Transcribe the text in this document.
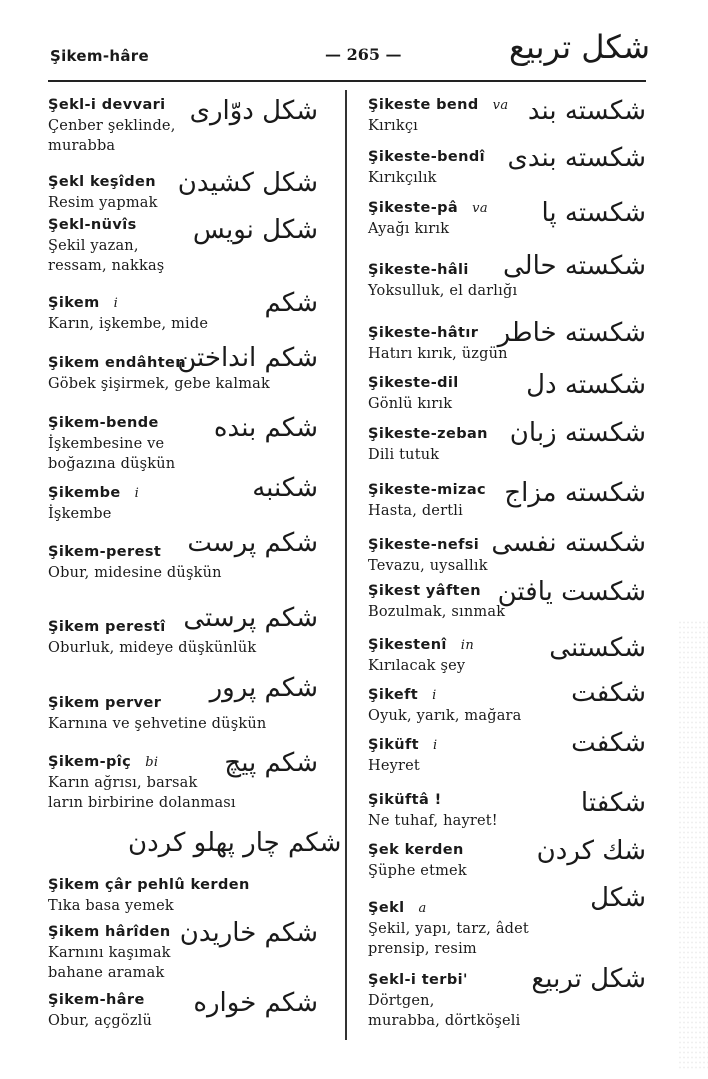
Şikem-hâre	— 265 —	شكل تربيع
Şekl-i devvari
Çenber şeklinde,
murabba
شكل دوّارى
Şekl keşîden
Resim yapmak
شكل كشيدن
Şekl-nüvîs
Şekil yazan,
ressam, nakkaş
شكل نويس
Şikem i
Karın, işkembe, mide
شكم
Şikem endâhten
Göbek şişirmek, gebe kalmak
شكم انداختن
Şikem-bende
İşkembesine ve
boğazına düşkün
شكم بنده
Şikembe i
İşkembe
شكنبه
Şikem-perest
Obur, midesine düşkün
شكم پرست
Şikem perestî
Oburluk, mideye düşkünlük
شكم پرستى
Şikem perver
Karnına ve şehvetine düşkün
شكم پرور
Şikem-pîç bi
Karın ağrısı, barsak
ların birbirine dolanması
شكم پيچ
شكم چار پهلو كردن
Şikem çâr pehlû kerden
Tıka basa yemek
Şikem hârîden
Karnını kaşımak
bahane aramak
شكم خاريدن
Şikem-hâre
Obur, açgözlü
شكم خواره
Şikeste bend va
Kırıkçı	شكسته بند
Şikeste-bendî
Kırıkçılık
شكسته بندى
Şikeste-pâ va
Ayağı kırık
شكسته پا
Şikeste-hâli
Yoksulluk, el darlığı
شكسته حالى
Şikeste-hâtır
Hatırı kırık, üzgün
شكسته خاطر
Şikeste-dil
Gönlü kırık
شكسته دل
Şikeste-zeban
Dili tutuk
شكسته زبان
Şikeste-mizac
Hasta, dertli
شكسته مزاج
Şikeste-nefsi
Tevazu, uysallık
شكسته نفسى
Şikest yâften
Bozulmak, sınmak
شكست يافتن
Şikestenî in
Kırılacak şey
شكستنى
Şikeft i
Oyuk, yarık, mağara
شكفت
Şiküft i
Heyret
شكفت
Şiküftâ !
Ne tuhaf, hayret!
شكفتا
Şek kerden
Şüphe etmek
شك كردن
Şekl a
Şekil, yapı, tarz, âdet
prensip, resim
شكل
Şekl-i terbi'
Dörtgen,
murabba, dörtköşeli
شكل تربيع
